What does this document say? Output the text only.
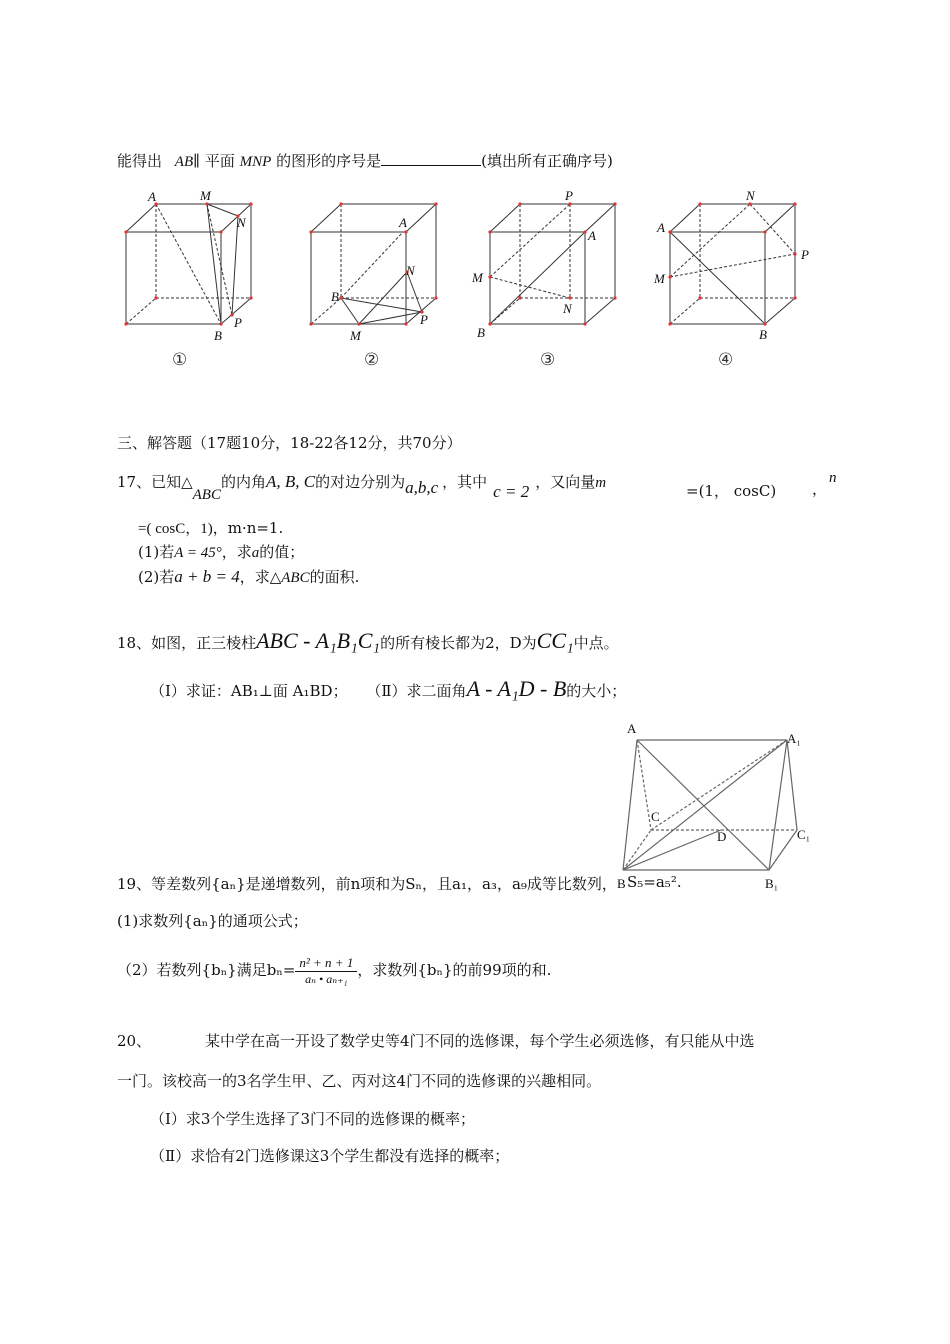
能得出 AB∥ 平面 MNP 的图形的序号是	(填出所有正确序号)
A	M
N
P
B
A
N
B
M
P
P
A
M
N
B
N
A
P
M
B
①	②	③	④
三、解答题（17题10分，18-22各12分，共70分）
17、已知△ABC的内角A, B, C的对边分别为a,b,c ，其中 c = 2 ，又向量m	=(1， cosC) ，
n
=( cosC，1)，m·n=1.
(1)若A = 45°，求a的值；
(2)若a + b = 4，求△ABC的面积.
18、如图，正三棱柱ABC - A₁B₁C₁的所有棱长都为2，D为CC₁中点。
（Ⅰ）求证：AB₁⊥面 A₁BD； （Ⅱ）求二面角A - A₁D - B的大小；
A
A₁
C
D	C₁
B	B₁
19、等差数列{aₙ}是递增数列，前n项和为Sₙ，且a₁，a₃，a₉成等比数列， S₅=a₅².
(1)求数列{aₙ}的通项公式；
（2）若数列{bₙ}满足$b_n= \frac{\text{n² + n + 1}}{\text{aₙ • aₙ₊₁}}$ ，求数列{bₙ}的前99项的和.
20、	某中学在高一开设了数学史等4门不同的选修课，每个学生必须选修，有只能从中选
一门。该校高一的3名学生甲、乙、丙对这4门不同的选修课的兴趣相同。
（Ⅰ）求3个学生选择了3门不同的选修课的概率；
（Ⅱ）求恰有2门选修课这3个学生都没有选择的概率；
